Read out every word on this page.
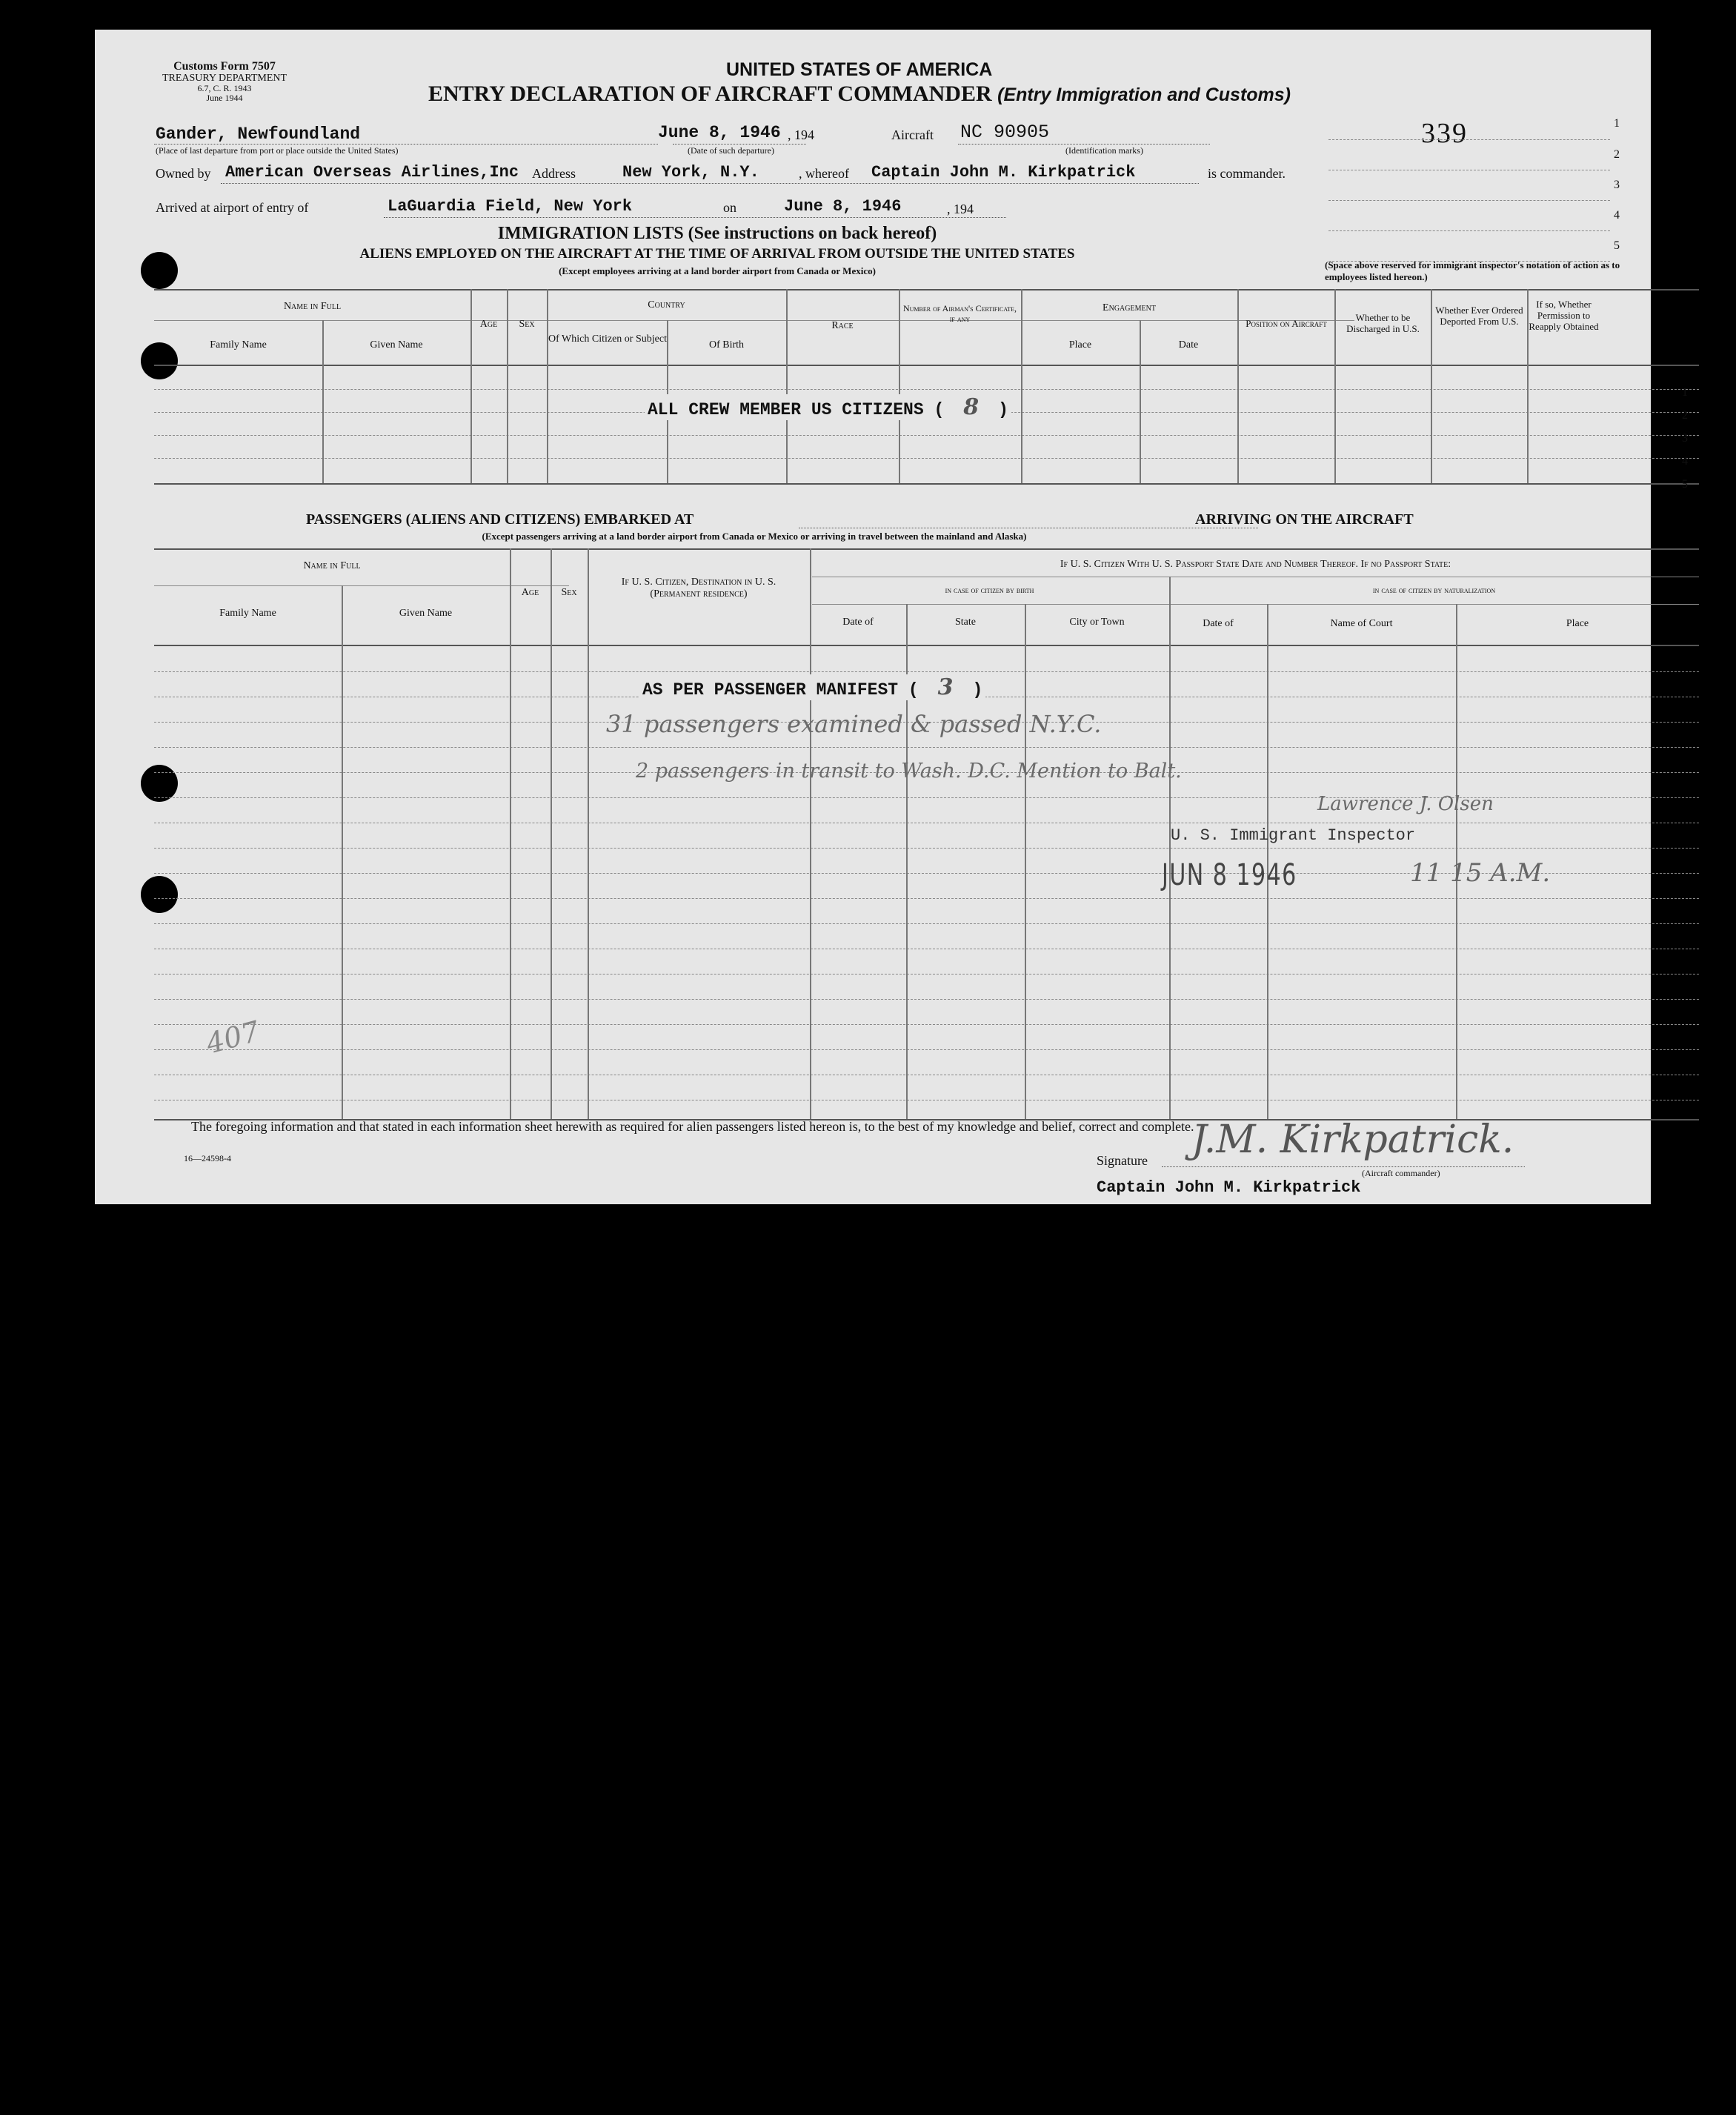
Customs Form 7507
TREASURY DEPARTMENT
6.7, C. R. 1943
June 1944
UNITED STATES OF AMERICA
ENTRY DECLARATION OF AIRCRAFT COMMANDER (Entry Immigration and Customs)
339	1
2
3
4
5
(Space above reserved for immigrant inspector's notation of action as to employees listed hereon.)
Gander, Newfoundland
(Place of last departure from port or place outside the United States)
June 8, 1946 , 194
(Date of such departure)
Aircraft NC 90905
(Identification marks)
Owned by American Overseas Airlines,Inc Address	New York, N.Y.	, whereof Captain John M. Kirkpatrick	is commander.
Arrived at airport of entry of	LaGuardia Field, New York	on	June 8, 1946	, 194
IMMIGRATION LISTS (See instructions on back hereof)
ALIENS EMPLOYED ON THE AIRCRAFT AT THE TIME OF ARRIVAL FROM OUTSIDE THE UNITED STATES
(Except employees arriving at a land border airport from Canada or Mexico)
Name in Full
Family Name	Given Name
Age	Sex
Country
Of Which Citizen or Subject
Of Birth
Race
Number of Airman's Certificate, if any
Engagement
Place	Date
Position on Aircraft
Whether to be Discharged in U.S.
Whether Ever Ordered Deported From U.S.
If so, Whether Permission to Reapply Obtained
1
2
3
4
5
ALL CREW MEMBER US CITIZENS ( 8 )
PASSENGERS (ALIENS AND CITIZENS) EMBARKED AT	ARRIVING ON THE AIRCRAFT
(Except passengers arriving at a land border airport from Canada or Mexico or arriving in travel between the mainland and Alaska)
Name in Full
Family Name	Given Name
Age	Sex
If U. S. Citizen, Destination in U. S. (Permanent residence)
If U. S. Citizen With U. S. Passport State Date and Number Thereof. If no Passport State:
in case of citizen by birth	in case of citizen by naturalization
Date of	State	City or Town	Date of	Name of Court	Place
AS PER PASSENGER MANIFEST ( 3 )
31 passengers examined & passed N.Y.C.
2 passengers in transit to Wash. D.C. Mention to Balt.
Lawrence J. Olsen
U. S. Immigrant Inspector
JUN 8 1946	11 15 A.M.
407
The foregoing information and that stated in each information sheet herewith as required for alien passengers listed hereon is, to the best of my knowledge and belief, correct and complete.
16—24598-4	Signature J.M. Kirkpatrick.
(Aircraft commander)
Captain John M. Kirkpatrick
